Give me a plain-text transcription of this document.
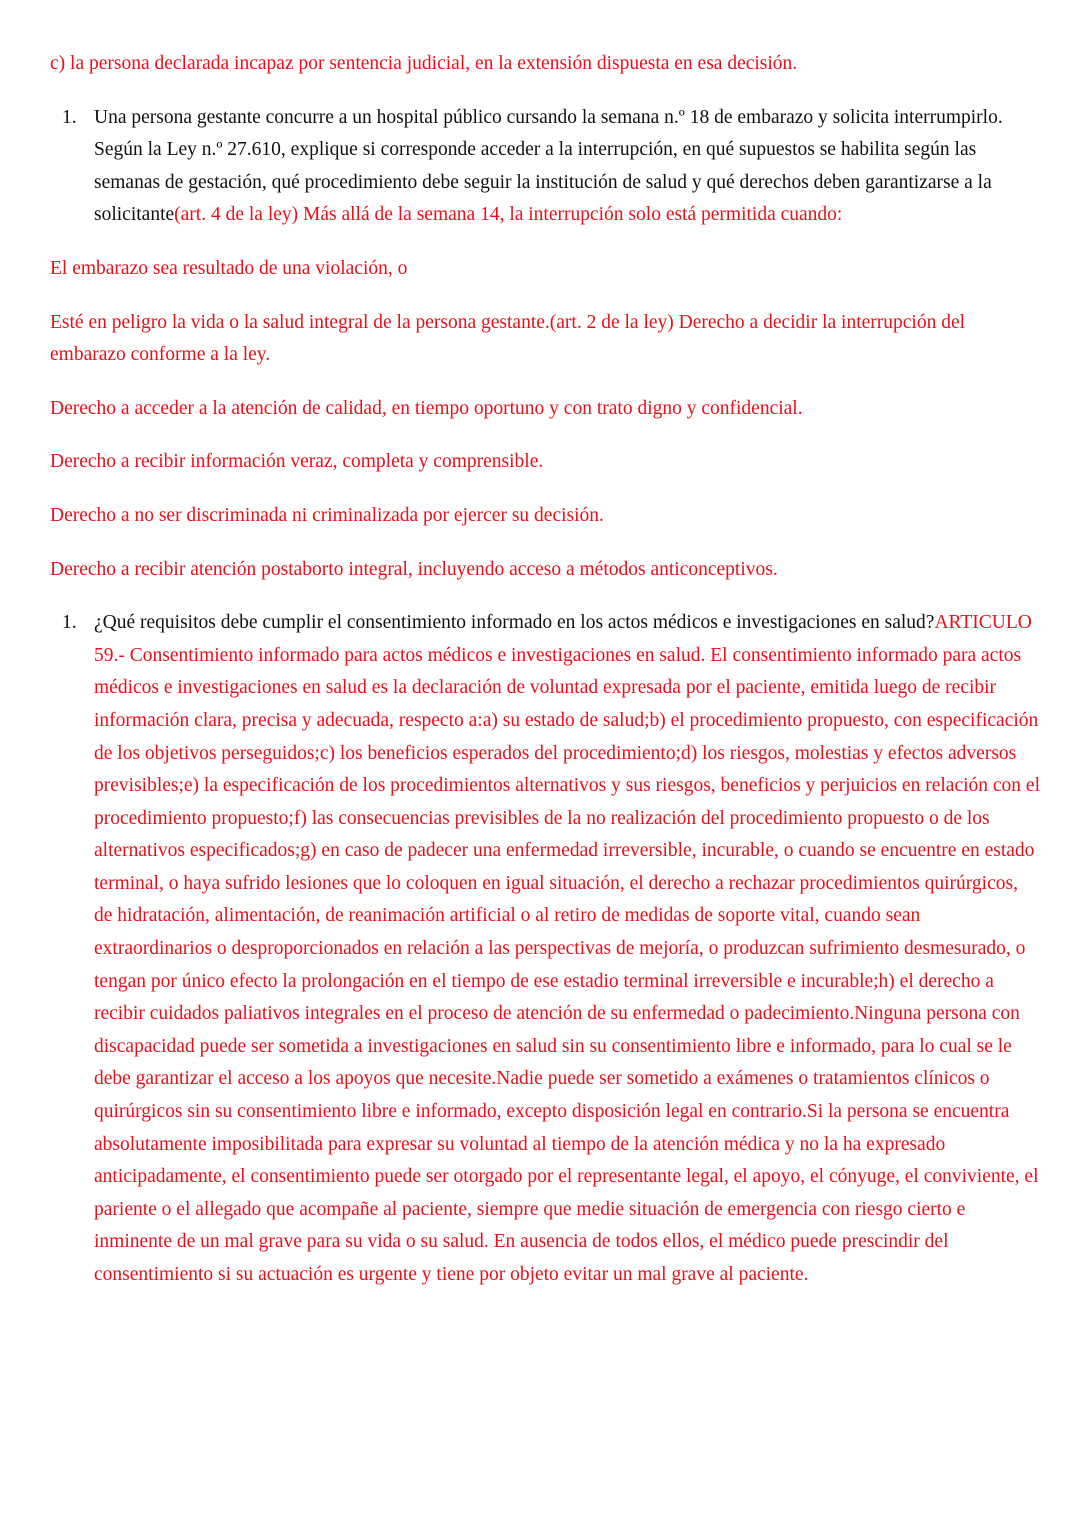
c) la persona declarada incapaz por sentencia judicial, en la extensión dispuesta en esa decisión.

1. Una persona gestante concurre a un hospital público cursando la semana n.º 18 de embarazo y solicita interrumpirlo. Según la Ley n.º 27.610, explique si corresponde acceder a la interrupción, en qué supuestos se habilita según las semanas de gestación, qué procedimiento debe seguir la institución de salud y qué derechos deben garantizarse a la solicitante(art. 4 de la ley) Más allá de la semana 14, la interrupción solo está permitida cuando:

El embarazo sea resultado de una violación, o

Esté en peligro la vida o la salud integral de la persona gestante.(art. 2 de la ley) Derecho a decidir la interrupción del embarazo conforme a la ley.

Derecho a acceder a la atención de calidad, en tiempo oportuno y con trato digno y confidencial.

Derecho a recibir información veraz, completa y comprensible.

Derecho a no ser discriminada ni criminalizada por ejercer su decisión.

Derecho a recibir atención postaborto integral, incluyendo acceso a métodos anticonceptivos.

1. ¿Qué requisitos debe cumplir el consentimiento informado en los actos médicos e investigaciones en salud?ARTICULO 59.- Consentimiento informado para actos médicos e investigaciones en salud. El consentimiento informado para actos médicos e investigaciones en salud es la declaración de voluntad expresada por el paciente, emitida luego de recibir información clara, precisa y adecuada, respecto a:a) su estado de salud;b) el procedimiento propuesto, con especificación de los objetivos perseguidos;c) los beneficios esperados del procedimiento;d) los riesgos, molestias y efectos adversos previsibles;e) la especificación de los procedimientos alternativos y sus riesgos, beneficios y perjuicios en relación con el procedimiento propuesto;f) las consecuencias previsibles de la no realización del procedimiento propuesto o de los alternativos especificados;g) en caso de padecer una enfermedad irreversible, incurable, o cuando se encuentre en estado terminal, o haya sufrido lesiones que lo coloquen en igual situación, el derecho a rechazar procedimientos quirúrgicos, de hidratación, alimentación, de reanimación artificial o al retiro de medidas de soporte vital, cuando sean extraordinarios o desproporcionados en relación a las perspectivas de mejoría, o produzcan sufrimiento desmesurado, o tengan por único efecto la prolongación en el tiempo de ese estadio terminal irreversible e incurable;h) el derecho a recibir cuidados paliativos integrales en el proceso de atención de su enfermedad o padecimiento.Ninguna persona con discapacidad puede ser sometida a investigaciones en salud sin su consentimiento libre e informado, para lo cual se le debe garantizar el acceso a los apoyos que necesite.Nadie puede ser sometido a exámenes o tratamientos clínicos o quirúrgicos sin su consentimiento libre e informado, excepto disposición legal en contrario.Si la persona se encuentra absolutamente imposibilitada para expresar su voluntad al tiempo de la atención médica y no la ha expresado anticipadamente, el consentimiento puede ser otorgado por el representante legal, el apoyo, el cónyuge, el conviviente, el pariente o el allegado que acompañe al paciente, siempre que medie situación de emergencia con riesgo cierto e inminente de un mal grave para su vida o su salud. En ausencia de todos ellos, el médico puede prescindir del consentimiento si su actuación es urgente y tiene por objeto evitar un mal grave al paciente.
